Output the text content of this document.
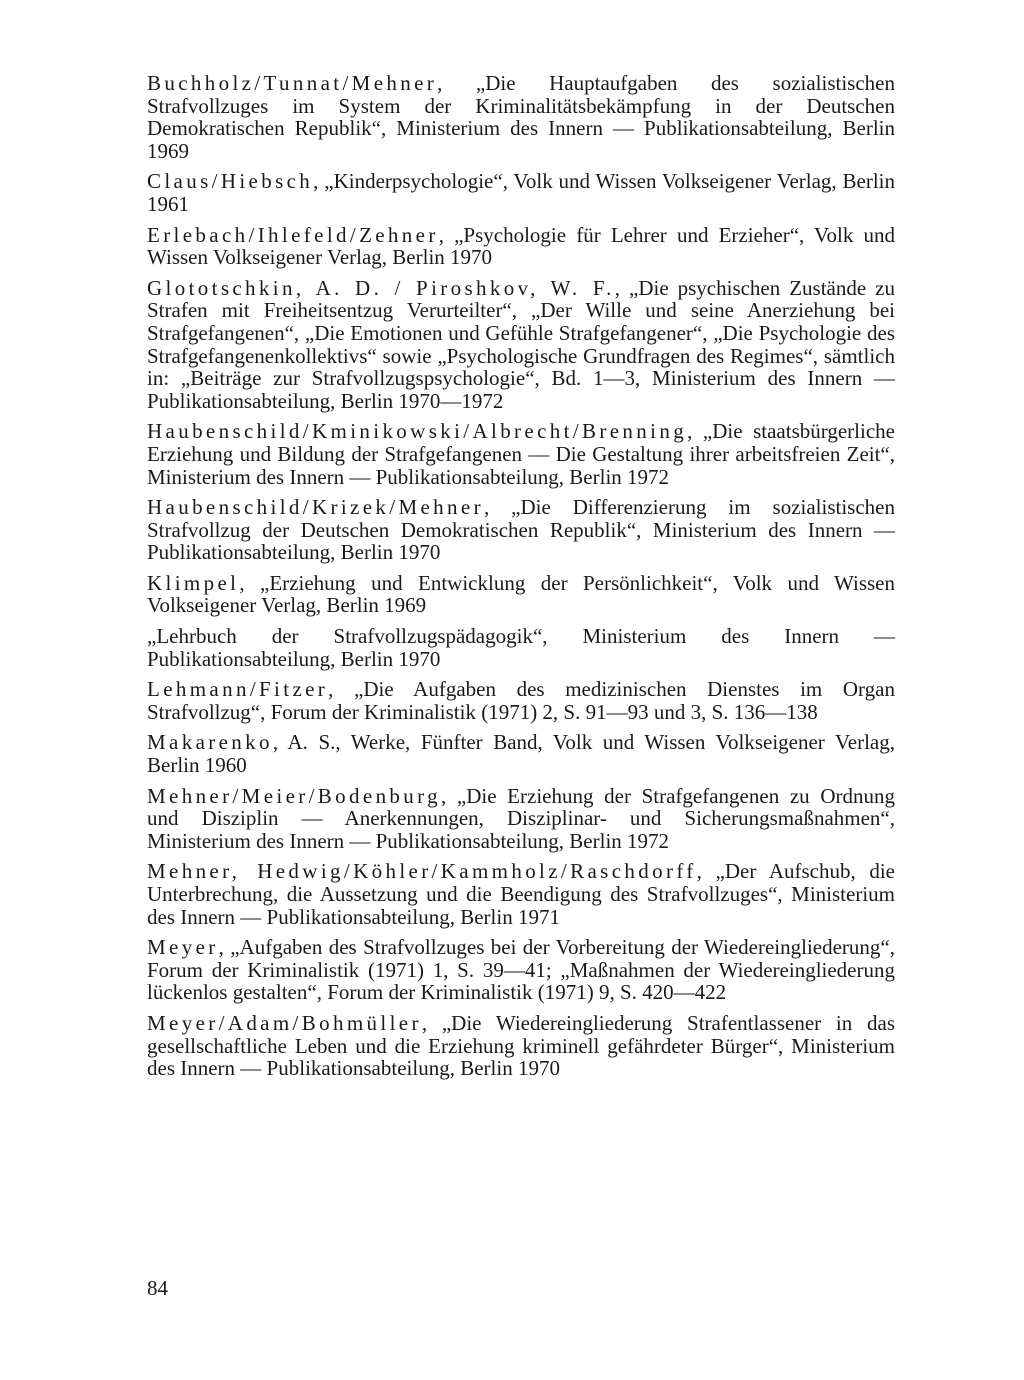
Buchholz/Tunnat/Mehner, „Die Hauptaufgaben des sozialistischen Strafvollzuges im System der Kriminalitätsbekämpfung in der Deutschen Demokratischen Republik“, Ministerium des Innern — Publikationsabteilung, Berlin 1969

Claus/Hiebsch, „Kinderpsychologie“, Volk und Wissen Volkseigener Verlag, Berlin 1961

Erlebach/Ihlefeld/Zehner, „Psychologie für Lehrer und Erzieher“, Volk und Wissen Volkseigener Verlag, Berlin 1970

Glototschkin, A. D. / Piroshkov, W. F., „Die psychischen Zustände zu Strafen mit Freiheitsentzug Verurteilter“, „Der Wille und seine Anerziehung bei Strafgefangenen“, „Die Emotionen und Gefühle Strafgefangener“, „Die Psychologie des Strafgefangenenkollektivs“ sowie „Psychologische Grundfragen des Regimes“, sämtlich in: „Beiträge zur Strafvollzugspsychologie“, Bd. 1—3, Ministerium des Innern — Publikationsabteilung, Berlin 1970—1972

Haubenschild/Kminikowski/Albrecht/Brenning, „Die staatsbürgerliche Erziehung und Bildung der Strafgefangenen — Die Gestaltung ihrer arbeitsfreien Zeit“, Ministerium des Innern — Publikationsabteilung, Berlin 1972

Haubenschild/Krizek/Mehner, „Die Differenzierung im sozialistischen Strafvollzug der Deutschen Demokratischen Republik“, Ministerium des Innern — Publikationsabteilung, Berlin 1970

Klimpel, „Erziehung und Entwicklung der Persönlichkeit“, Volk und Wissen Volkseigener Verlag, Berlin 1969

„Lehrbuch der Strafvollzugspädagogik“, Ministerium des Innern — Publikationsabteilung, Berlin 1970

Lehmann/Fitzer, „Die Aufgaben des medizinischen Dienstes im Organ Strafvollzug“, Forum der Kriminalistik (1971) 2, S. 91—93 und 3, S. 136—138

Makarenko, A. S., Werke, Fünfter Band, Volk und Wissen Volkseigener Verlag, Berlin 1960

Mehner/Meier/Bodenburg, „Die Erziehung der Strafgefangenen zu Ordnung und Disziplin — Anerkennungen, Disziplinar- und Sicherungsmaßnahmen“, Ministerium des Innern — Publikationsabteilung, Berlin 1972

Mehner, Hedwig/Köhler/Kammholz/Raschdorff, „Der Aufschub, die Unterbrechung, die Aussetzung und die Beendigung des Strafvollzuges“, Ministerium des Innern — Publikationsabteilung, Berlin 1971

Meyer, „Aufgaben des Strafvollzuges bei der Vorbereitung der Wiedereingliederung“, Forum der Kriminalistik (1971) 1, S. 39—41; „Maßnahmen der Wiedereingliederung lückenlos gestalten“, Forum der Kriminalistik (1971) 9, S. 420—422

Meyer/Adam/Bohmüller, „Die Wiedereingliederung Strafentlassener in das gesellschaftliche Leben und die Erziehung kriminell gefährdeter Bürger“, Ministerium des Innern — Publikationsabteilung, Berlin 1970

84
